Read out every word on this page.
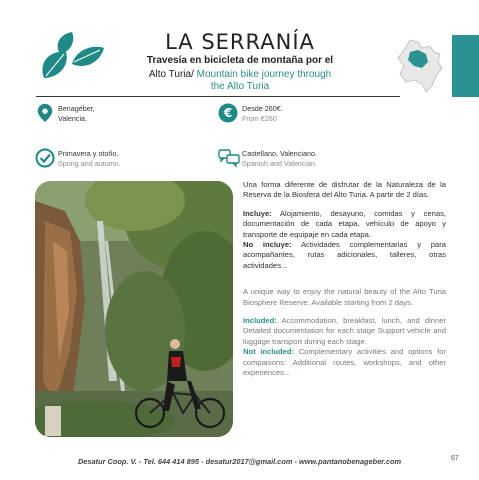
LA SERRANÍA
Travesía en bicicleta de montaña por el
Alto Turia/ Mountain bike journey through
the Alto Turia
Benagéber,
Valencia.	€ Desde 260€.
From €260
Primavera y otoño.
Spring and autumn.
Castellano, Valenciano.
Spanish and Valencian.

Una forma diferente de disfrutar de la Naturaleza de la Reserva de la Biosfera del Alto Turia. A partir de 2 días.

Incluye: Alojamiento, desayuno, comidas y cenas, documentación de cada etapa, vehículo de apoyo y transporte de equipaje en cada etapa.

No incluye: Actividades complementarias y para acompañantes, rutas adicionales, talleres, otras actividades...

A unique way to enjoy the natural beauty of the Alto Turia Biosphere Reserve. Available starting from 2 days.

Included: Accommodation, breakfast, lunch, and dinner Detailed documentation for each stage Support vehicle and luggage transport during each stage.

Not included: Complementary activities and options for companions: Additional routes, workshops, and other experiences...

Desatur Coop. V. - Tel. 644 414 895 - desatur2017@gmail.com - www.pantanobenageber.com	67
